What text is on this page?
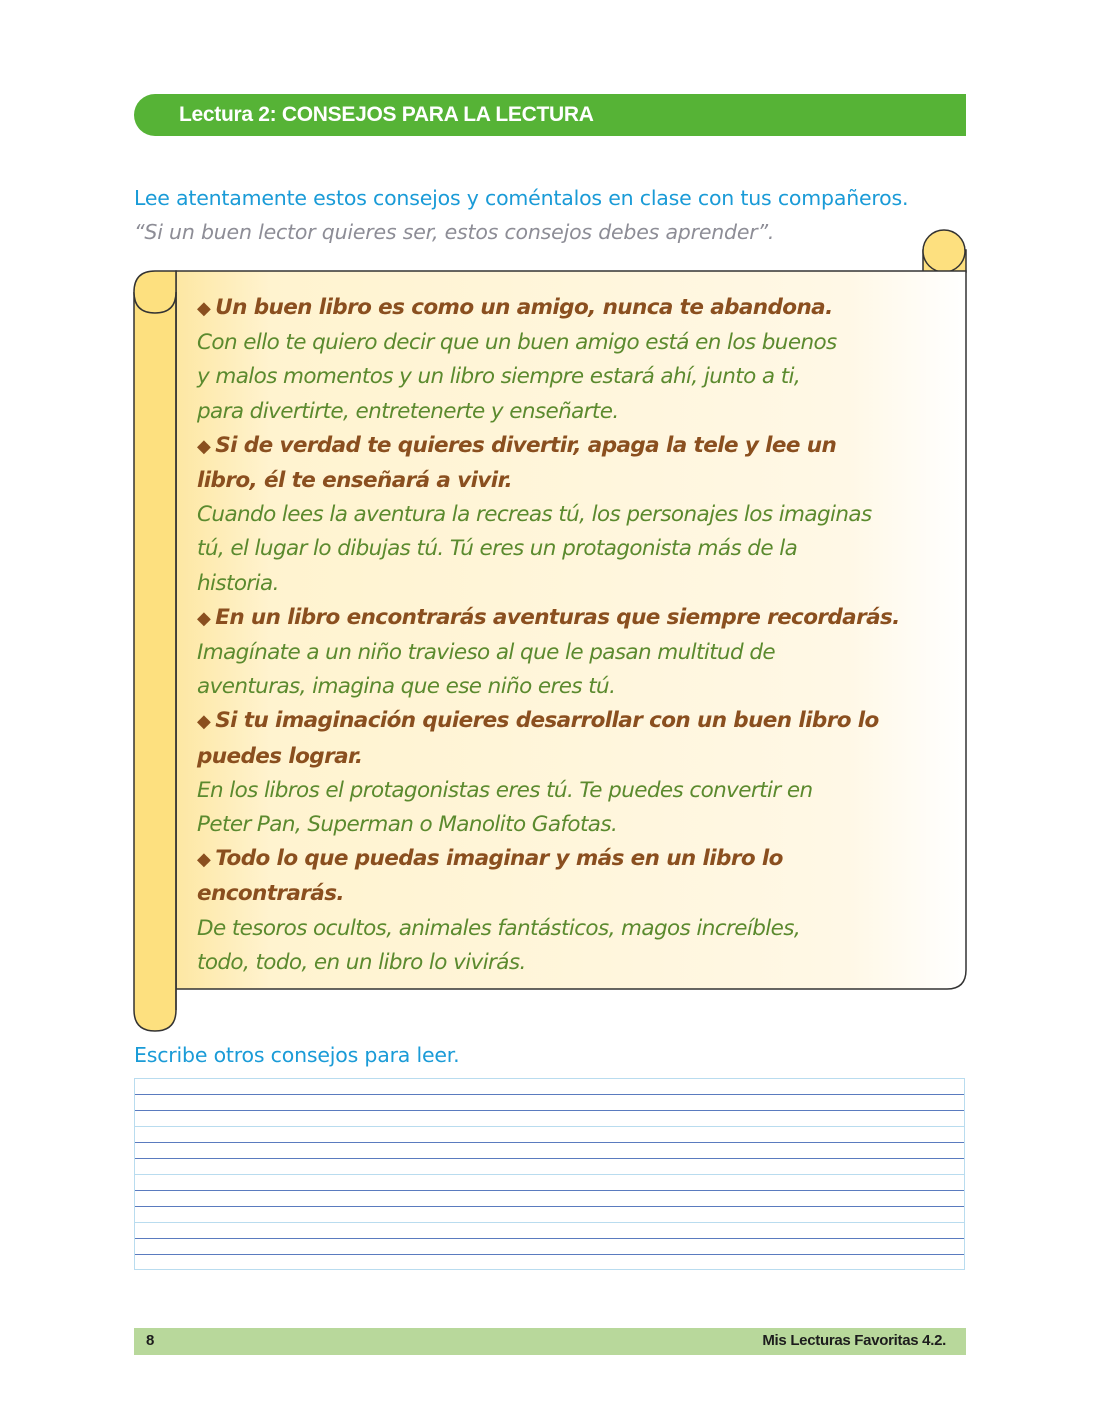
Lectura 2: CONSEJOS PARA LA LECTURA
Lee atentamente estos consejos y coméntalos en clase con tus compañeros.
“Si un buen lector quieres ser, estos consejos debes aprender”.
◆ Un buen libro es como un amigo, nunca te abandona.
Con ello te quiero decir que un buen amigo está en los buenos
y malos momentos y un libro siempre estará ahí, junto a ti,
para divertirte, entretenerte y enseñarte.
◆ Si de verdad te quieres divertir, apaga la tele y lee un
libro, él te enseñará a vivir.
Cuando lees la aventura la recreas tú, los personajes los imaginas
tú, el lugar lo dibujas tú. Tú eres un protagonista más de la
historia.
◆ En un libro encontrarás aventuras que siempre recordarás.
Imagínate a un niño travieso al que le pasan multitud de
aventuras, imagina que ese niño eres tú.
◆ Si tu imaginación quieres desarrollar con un buen libro lo
puedes lograr.
En los libros el protagonistas eres tú. Te puedes convertir en
Peter Pan, Superman o Manolito Gafotas.
◆ Todo lo que puedas imaginar y más en un libro lo
encontrarás.
De tesoros ocultos, animales fantásticos, magos increíbles,
todo, todo, en un libro lo vivirás.
Escribe otros consejos para leer.
8	Mis Lecturas Favoritas 4.2.
